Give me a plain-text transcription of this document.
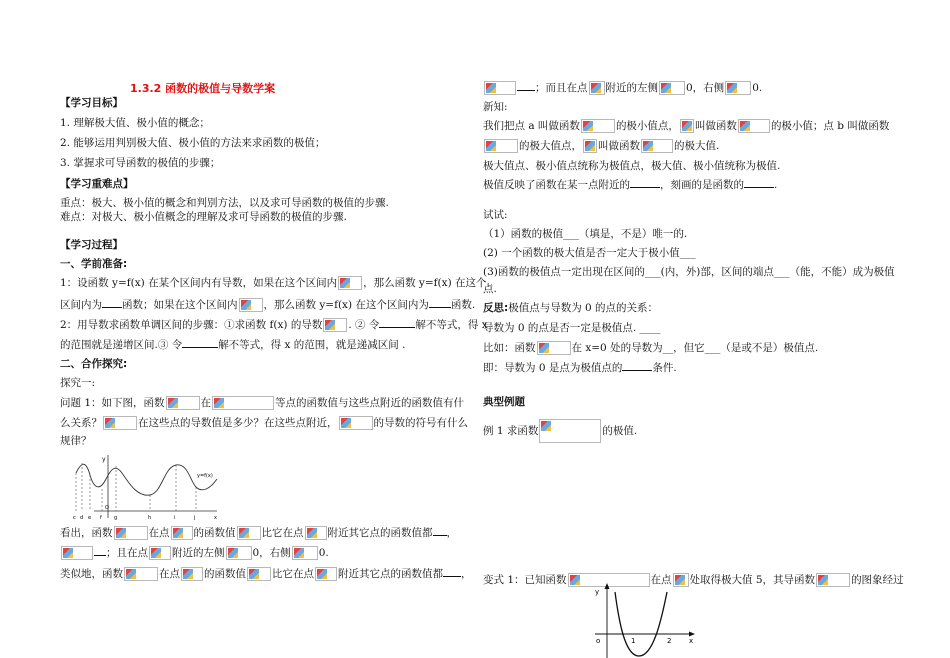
1.3.2 函数的极值与导数学案
【学习目标】
1. 理解极大值、极小值的概念；
2. 能够运用判别极大值、极小值的方法来求函数的极值；
3. 掌握求可导函数的极值的步骤；
【学习重难点】
重点：极大、极小值的概念和判别方法，以及求可导函数的极值的步骤.
难点：对极大、极小值概念的理解及求可导函数的极值的步骤.
【学习过程】
一、学前准备:
1：设函数 y=f(x) 在某个区间内有导数，如果在这个区间内 ，那么函数 y=f(x) 在这个
区间内为 函数；如果在这个区间内 ，那么函数 y=f(x) 在这个区间内为 函数.
2：用导数求函数单调区间的步骤：①求函数 f(x) 的导数 . ② 令	解不等式，得 x
的范围就是递增区间.③ 令	解不等式，得 x 的范围，就是递减区间 .
二、合作探究:
探究一:
问题 1：如下图，函数	在	等点的函数值与这些点附近的函数值有什
么关系？	在这些点的导数值是多少？在这些点附近，	的导数的符号有什么
规律？
y
y=f(x)
O
c d e f g	h	i	j	x
看出，函数	在点 的函数值 比它在点 附近其它点的函数值都 ，
；且在点 附近的左侧	0，右侧	0.
类似地，函数	在点 的函数值 比它在点 附近其它点的函数值都 ，
；而且在点 附近的左侧	0，右侧	0.
新知:
我们把点 a 叫做函数	的极小值点， 叫做函数	的极小值；点 b 叫做函数
的极大值点， 叫做函数	的极大值.
极大值点、极小值点统称为极值点，极大值、极小值统称为极值.
极值反映了函数在某一点附近的	，刻画的是函数的	.
试试:
（1）函数的极值___（填是，不是）唯一的.
(2) 一个函数的极大值是否一定大于极小值___
(3)函数的极值点一定出现在区间的___(内，外)部，区间的端点___（能，不能）成为极值
点.
反思:极值点与导数为 0 的点的关系：
导数为 0 的点是否一定是极值点. ____
比如：函数	在 x=0 处的导数为__，但它___（是或不是）极值点.
即：导数为 0 是点为极值点的	条件.
典型例题
例 1 求函数	的极值.
变式 1：已知函数	在点 处取得极大值 5，其导函数	的图象经过
y
o	1	2	x
